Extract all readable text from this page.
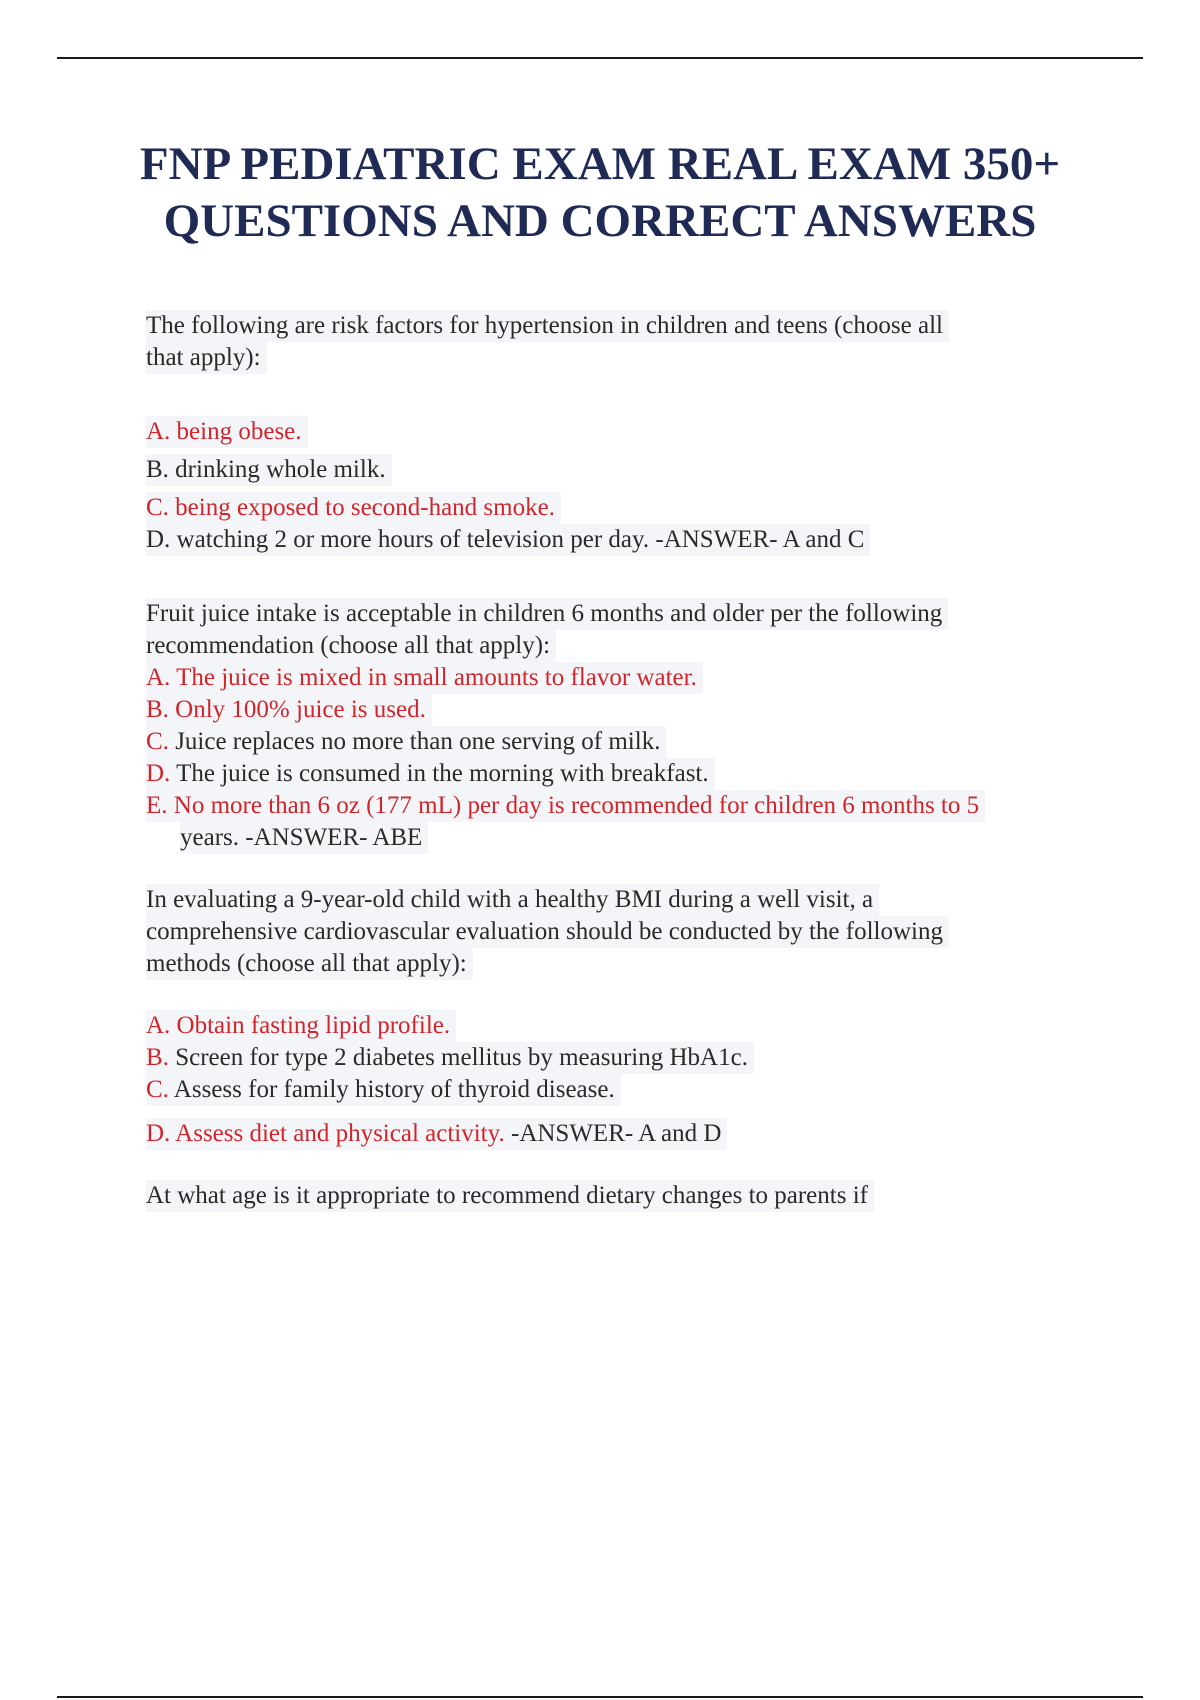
FNP PEDIATRIC EXAM REAL EXAM 350+
QUESTIONS AND CORRECT ANSWERS
The following are risk factors for hypertension in children and teens (choose all
that apply):
A. being obese.
B. drinking whole milk.
C. being exposed to second-hand smoke.
D. watching 2 or more hours of television per day. -ANSWER- A and C
Fruit juice intake is acceptable in children 6 months and older per the following
recommendation (choose all that apply):
A. The juice is mixed in small amounts to flavor water.
B. Only 100% juice is used.
C. Juice replaces no more than one serving of milk.
D. The juice is consumed in the morning with breakfast.
E. No more than 6 oz (177 mL) per day is recommended for children 6 months to 5
years. -ANSWER- ABE
In evaluating a 9-year-old child with a healthy BMI during a well visit, a
comprehensive cardiovascular evaluation should be conducted by the following
methods (choose all that apply):
A. Obtain fasting lipid profile.
B. Screen for type 2 diabetes mellitus by measuring HbA1c.
C. Assess for family history of thyroid disease.
D. Assess diet and physical activity. -ANSWER- A and D
At what age is it appropriate to recommend dietary changes to parents if
